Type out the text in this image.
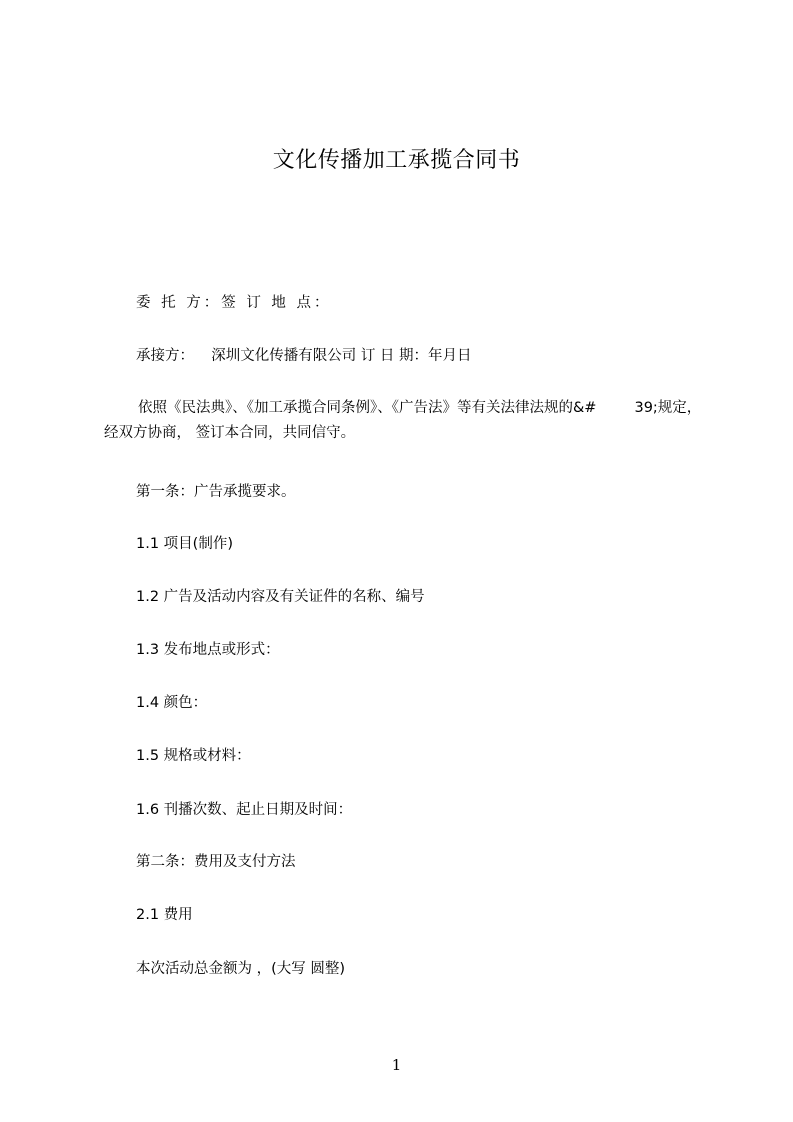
文化传播加工承揽合同书
委 托 方：签 订 地 点：
承接方： 深圳文化传播有限公司 订 日 期：年月日
依照《民法典》、《加工承揽合同条例》、《广告法》等有关法律法规的&#	39;规定，
经双方协商， 签订本合同，共同信守。
第一条：广告承揽要求。
1.1 项目(制作)
1.2 广告及活动内容及有关证件的名称、编号
1.3 发布地点或形式：
1.4 颜色：
1.5 规格或材料：
1.6 刊播次数、起止日期及时间：
第二条：费用及支付方法
2.1 费用
本次活动总金额为 ，(大写 圆整)
1
